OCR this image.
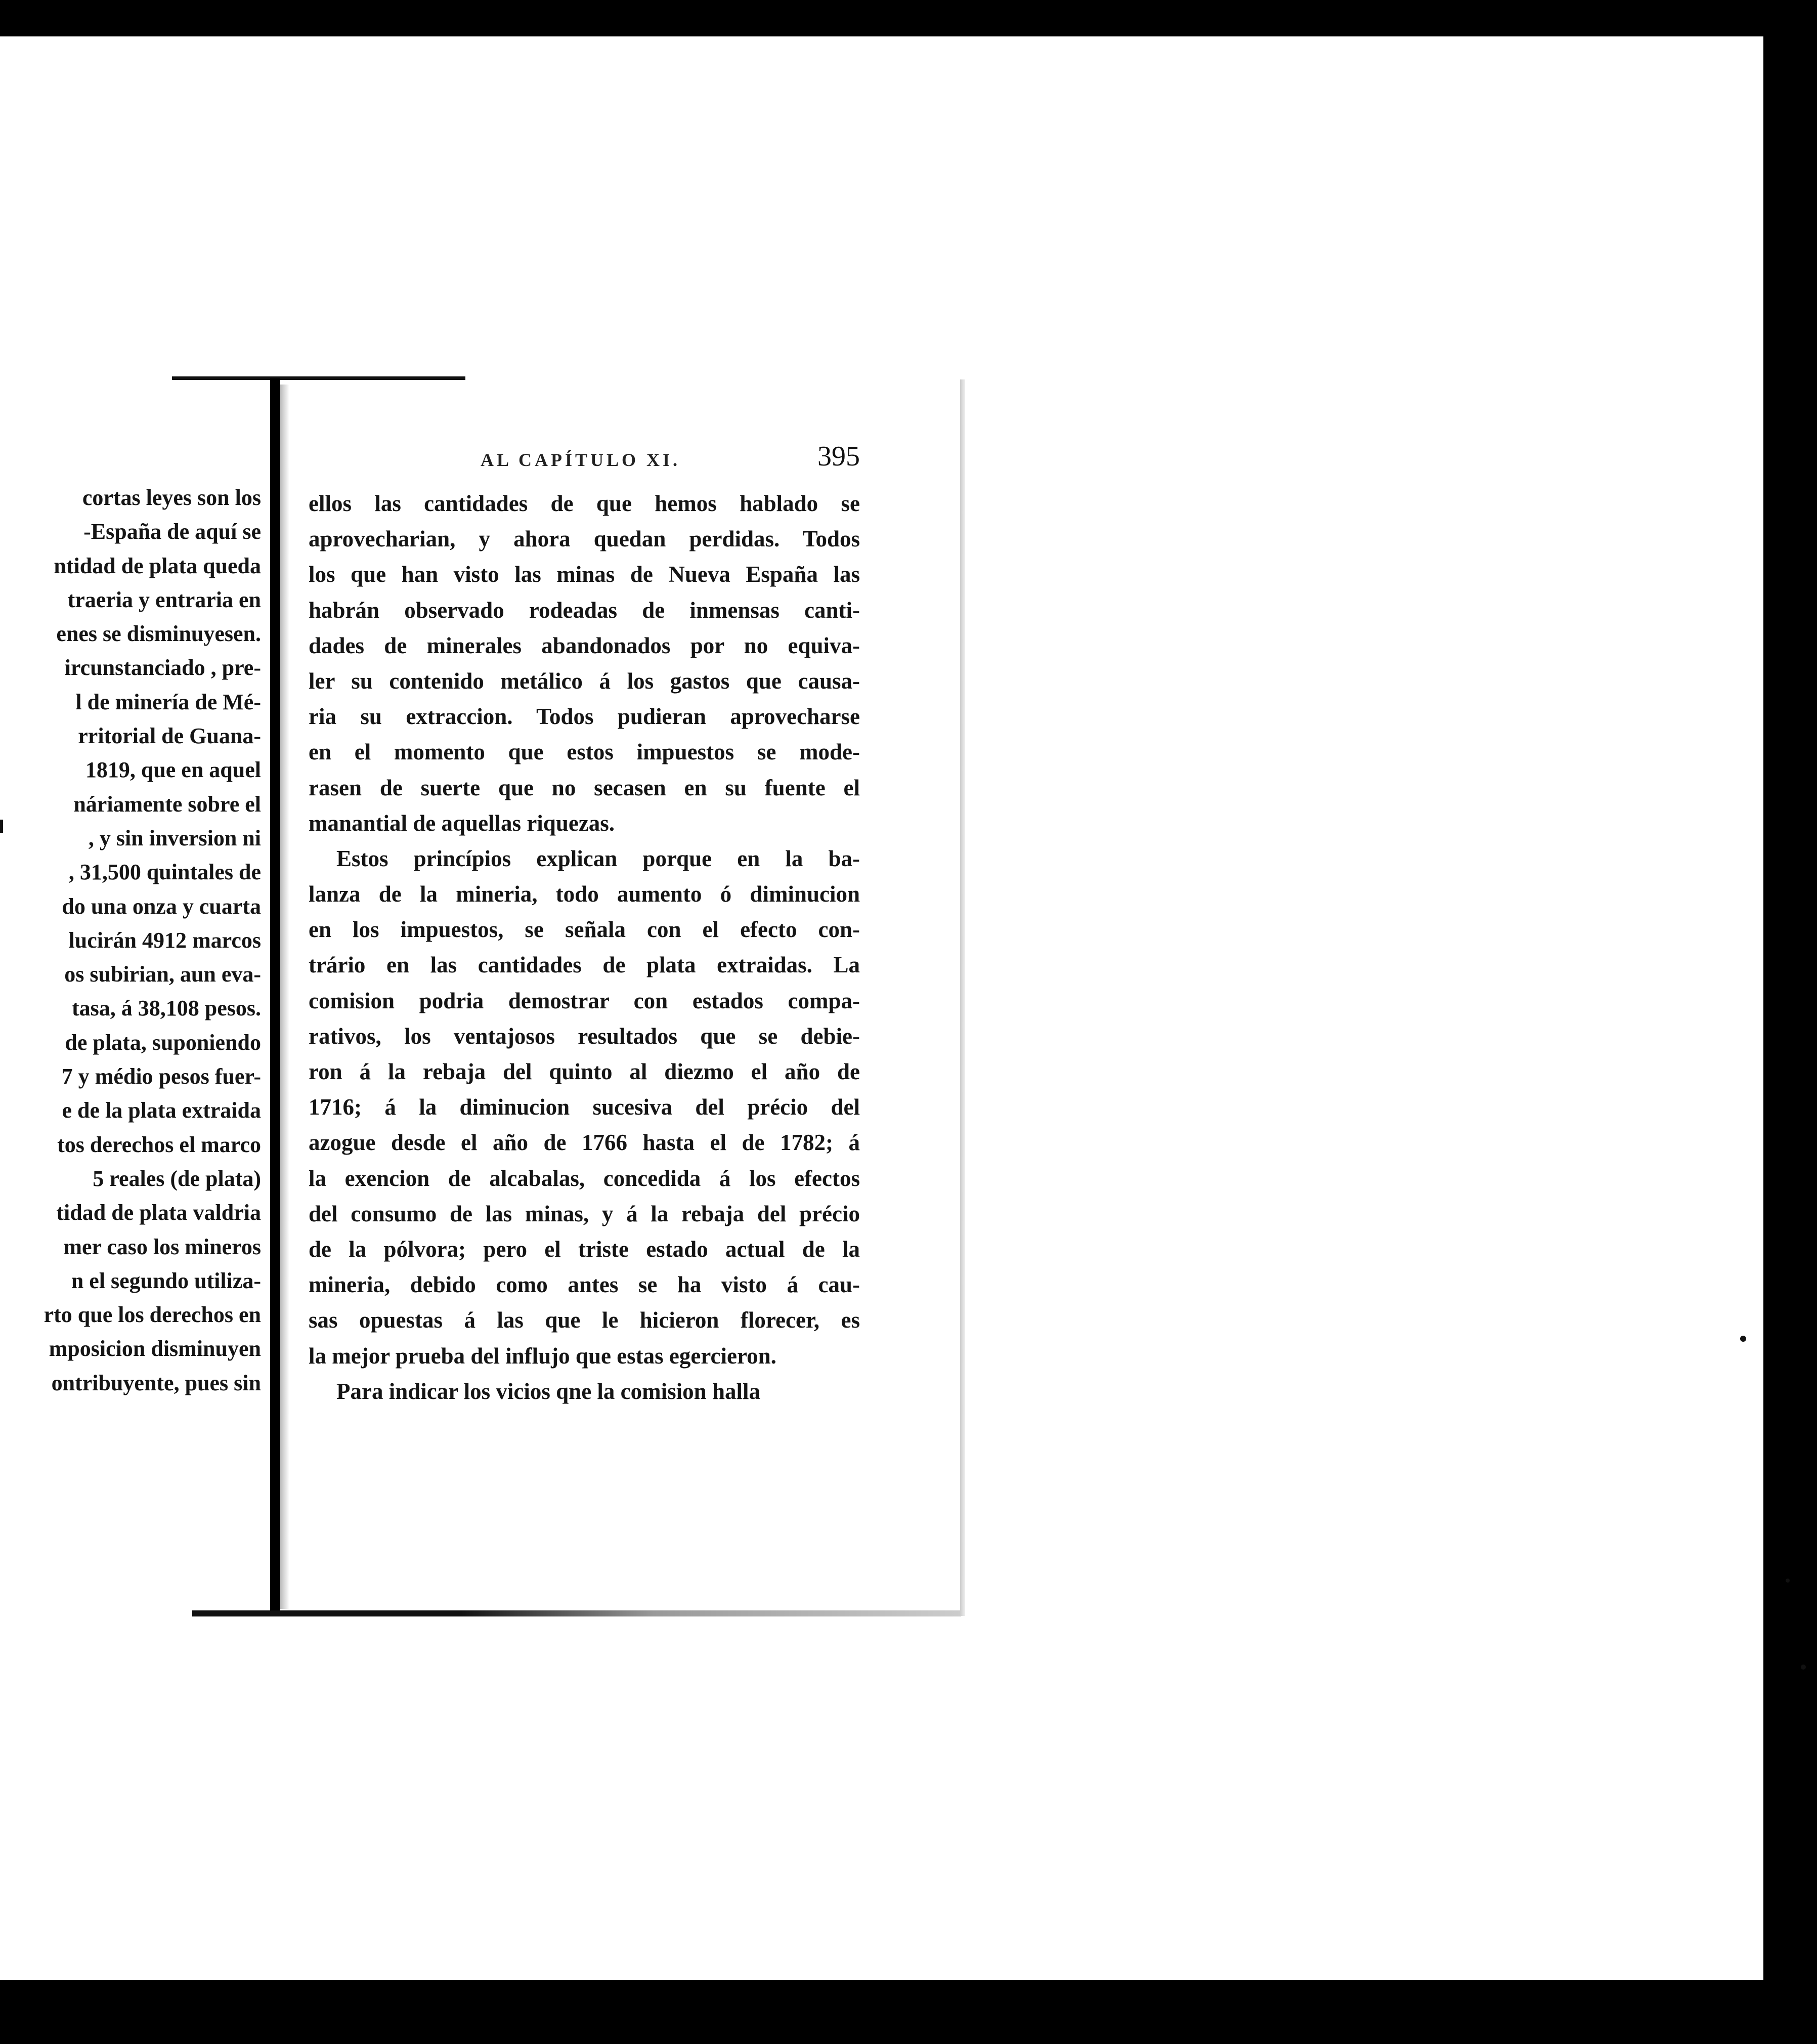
cortas leyes son los
-España de aquí se
ntidad de plata queda
traeria y entraria en
enes se disminuyesen.
ircunstanciado , pre-
l de minería de Mé-
rritorial de Guana-
1819, que en aquel
náriamente sobre el
, y sin inversion ni
, 31,500 quintales de
do una onza y cuarta
lucirán 4912 marcos
os subirian, aun eva-
tasa, á 38,108 pesos.
de plata, suponiendo
7 y médio pesos fuer-
e de la plata extraida
tos derechos el marco
5 reales (de plata)
tidad de plata valdria
mer caso los mineros
n el segundo utiliza-
rto que los derechos en
mposicion disminuyen
ontribuyente, pues sin
AL CAPÍTULO XI.	395
ellos las cantidades de que hemos hablado se
aprovecharian, y ahora quedan perdidas. Todos
los que han visto las minas de Nueva España las
habrán observado rodeadas de inmensas canti-
dades de minerales abandonados por no equiva-
ler su contenido metálico á los gastos que causa-
ria su extraccion. Todos pudieran aprovecharse
en el momento que estos impuestos se mode-
rasen de suerte que no secasen en su fuente el
manantial de aquellas riquezas.
Estos princípios explican porque en la ba-
lanza de la mineria, todo aumento ó diminucion
en los impuestos, se señala con el efecto con-
trário en las cantidades de plata extraidas. La
comision podria demostrar con estados compa-
rativos, los ventajosos resultados que se debie-
ron á la rebaja del quinto al diezmo el año de
1716; á la diminucion sucesiva del précio del
azogue desde el año de 1766 hasta el de 1782; á
la exencion de alcabalas, concedida á los efectos
del consumo de las minas, y á la rebaja del précio
de la pólvora; pero el triste estado actual de la
mineria, debido como antes se ha visto á cau-
sas opuestas á las que le hicieron florecer, es
la mejor prueba del influjo que estas egercieron.
Para indicar los vicios qne la comision halla
